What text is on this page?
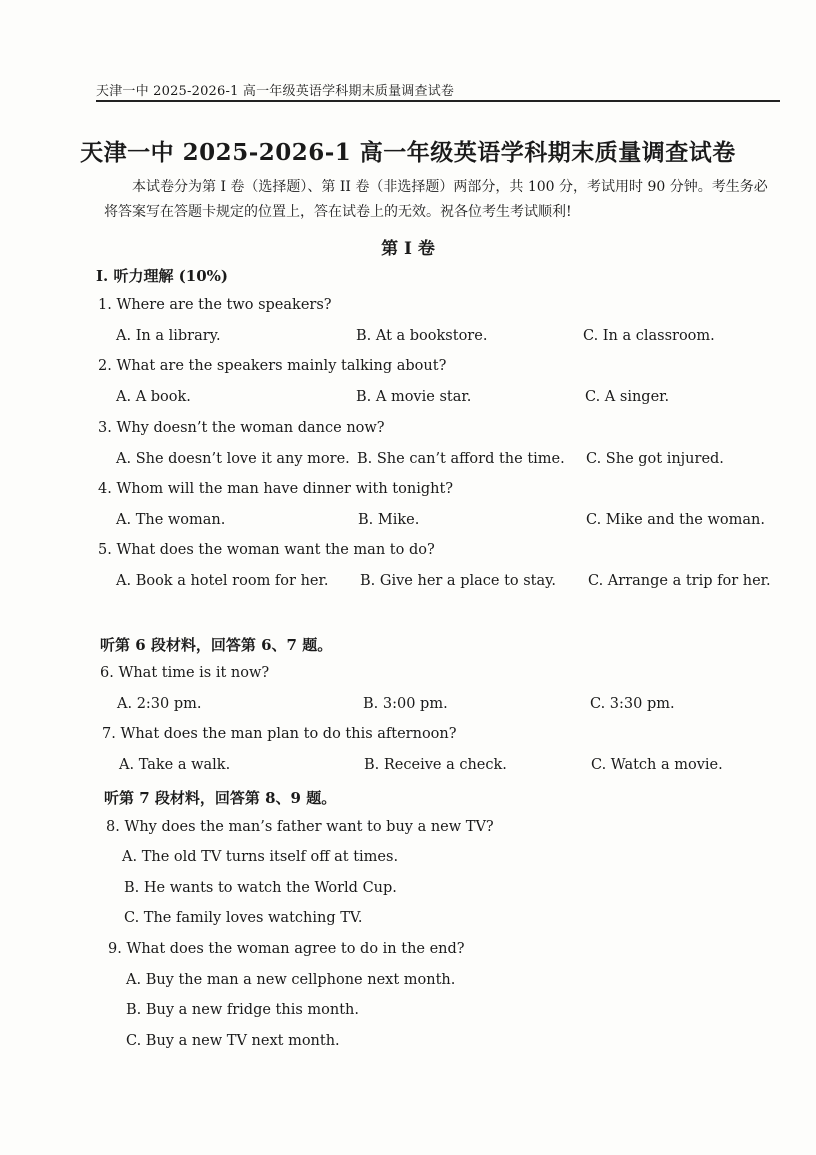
天津一中 2025-2026-1 高一年级英语学科期末质量调查试卷
天津一中 2025-2026-1 高一年级英语学科期末质量调查试卷
本试卷分为第 I 卷（选择题）、第 II 卷（非选择题）两部分，共 100 分，考试用时 90 分钟。考生务必将答案写在答题卡规定的位置上，答在试卷上的无效。祝各位考生考试顺利!
第 I 卷
I. 听力理解 (10%)
1. Where are the two speakers?
A. In a library.	B. At a bookstore.	C. In a classroom.
2. What are the speakers mainly talking about?
A. A book.	B. A movie star.	C. A singer.
3. Why doesn’t the woman dance now?
A. She doesn’t love it any more. B. She can’t afford the time. C. She got injured.
4. Whom will the man have dinner with tonight?
A. The woman.	B. Mike.	C. Mike and the woman.
5. What does the woman want the man to do?
A. Book a hotel room for her. B. Give her a place to stay. C. Arrange a trip for her.
听第 6 段材料，回答第 6、7 题。
6. What time is it now?
A. 2:30 pm.	B. 3:00 pm.	C. 3:30 pm.
7. What does the man plan to do this afternoon?
A. Take a walk.	B. Receive a check.	C. Watch a movie.
听第 7 段材料，回答第 8、9 题。
8. Why does the man’s father want to buy a new TV?
A. The old TV turns itself off at times.
B. He wants to watch the World Cup.
C. The family loves watching TV.
9. What does the woman agree to do in the end?
A. Buy the man a new cellphone next month.
B. Buy a new fridge this month.
C. Buy a new TV next month.
